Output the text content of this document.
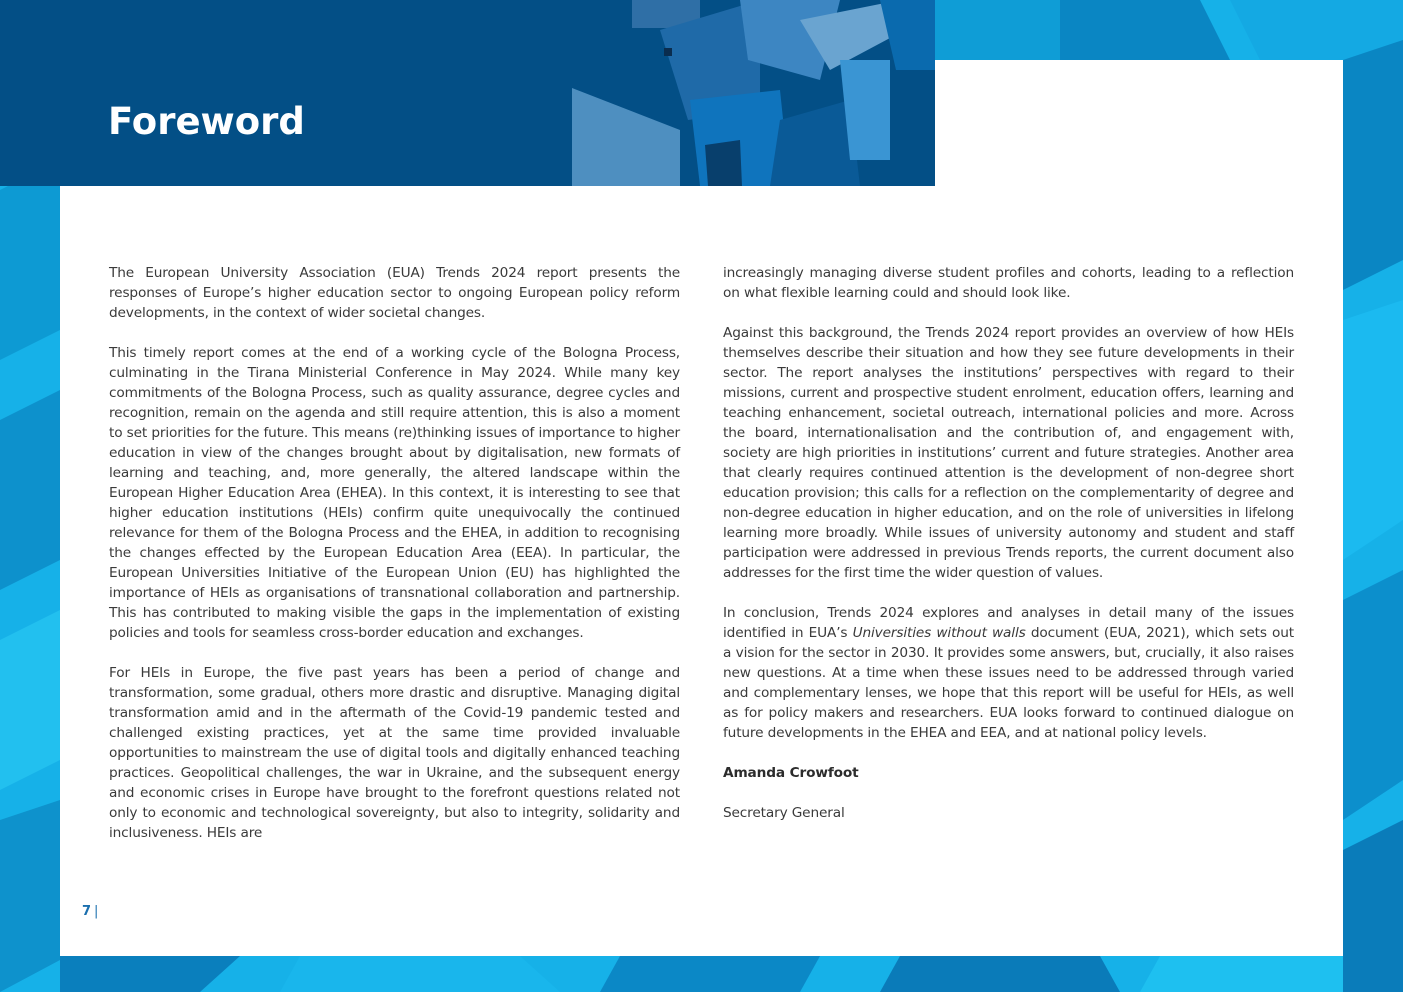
Foreword

The European University Association (EUA) Trends 2024 report presents the responses of Europe’s higher education sector to ongoing European policy reform developments, in the context of wider societal changes.

This timely report comes at the end of a working cycle of the Bologna Process, culminating in the Tirana Ministerial Conference in May 2024. While many key commitments of the Bologna Process, such as quality assurance, degree cycles and recognition, remain on the agenda and still require attention, this is also a moment to set priorities for the future. This means (re)thinking issues of importance to higher education in view of the changes brought about by digitalisation, new formats of learning and teaching, and, more generally, the altered landscape within the European Higher Education Area (EHEA). In this context, it is interesting to see that higher education institutions (HEIs) confirm quite unequivocally the continued relevance for them of the Bologna Process and the EHEA, in addition to recognising the changes effected by the European Education Area (EEA). In particular, the European Universities Initiative of the European Union (EU) has highlighted the importance of HEIs as organisations of transnational collaboration and partnership. This has contributed to making visible the gaps in the implementation of existing policies and tools for seamless cross-border education and exchanges.

For HEIs in Europe, the five past years has been a period of change and transformation, some gradual, others more drastic and disruptive. Managing digital transformation amid and in the aftermath of the Covid-19 pandemic tested and challenged existing practices, yet at the same time provided invaluable opportunities to mainstream the use of digital tools and digitally enhanced teaching practices. Geopolitical challenges, the war in Ukraine, and the subsequent energy and economic crises in Europe have brought to the forefront questions related not only to economic and technological sovereignty, but also to integrity, solidarity and inclusiveness. HEIs are

increasingly managing diverse student profiles and cohorts, leading to a reflection on what flexible learning could and should look like.

Against this background, the Trends 2024 report provides an overview of how HEIs themselves describe their situation and how they see future developments in their sector. The report analyses the institutions’ perspectives with regard to their missions, current and prospective student enrolment, education offers, learning and teaching enhancement, societal outreach, international policies and more. Across the board, internationalisation and the contribution of, and engagement with, society are high priorities in institutions’ current and future strategies. Another area that clearly requires continued attention is the development of non-degree short education provision; this calls for a reflection on the complementarity of degree and non-degree education in higher education, and on the role of universities in lifelong learning more broadly. While issues of university autonomy and student and staff participation were addressed in previous Trends reports, the current document also addresses for the first time the wider question of values.

In conclusion, Trends 2024 explores and analyses in detail many of the issues identified in EUA’s Universities without walls document (EUA, 2021), which sets out a vision for the sector in 2030. It provides some answers, but, crucially, it also raises new questions. At a time when these issues need to be addressed through varied and complementary lenses, we hope that this report will be useful for HEIs, as well as for policy makers and researchers. EUA looks forward to continued dialogue on future developments in the EHEA and EEA, and at national policy levels.

Amanda Crowfoot

Secretary General

7 |
